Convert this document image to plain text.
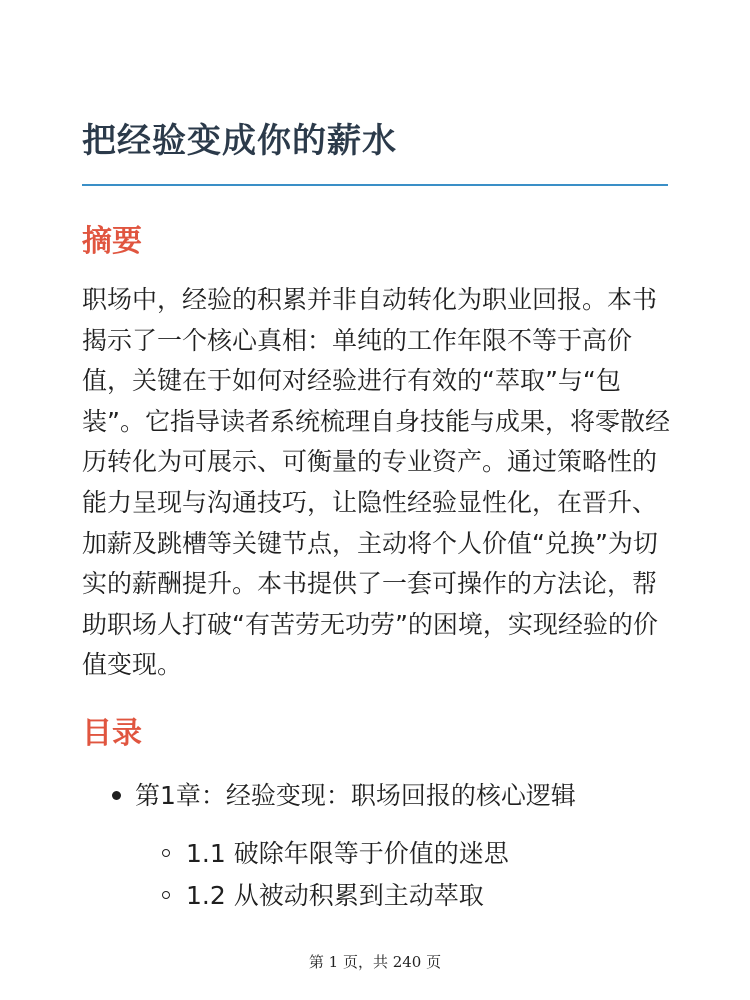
把经验变成你的薪水
摘要

职场中，经验的积累并非自动转化为职业回报。本书揭示了一个核心真相：单纯的工作年限不等于高价值，关键在于如何对经验进行有效的“萃取”与“包装”。它指导读者系统梳理自身技能与成果，将零散经历转化为可展示、可衡量的专业资产。通过策略性的能力呈现与沟通技巧，让隐性经验显性化，在晋升、加薪及跳槽等关键节点，主动将个人价值“兑换”为切实的薪酬提升。本书提供了一套可操作的方法论，帮助职场人打破“有苦劳无功劳”的困境，实现经验的价值变现。

目录
第1章：经验变现：职场回报的核心逻辑
1.1 破除年限等于价值的迷思
1.2 从被动积累到主动萃取
第 1 页，共 240 页
